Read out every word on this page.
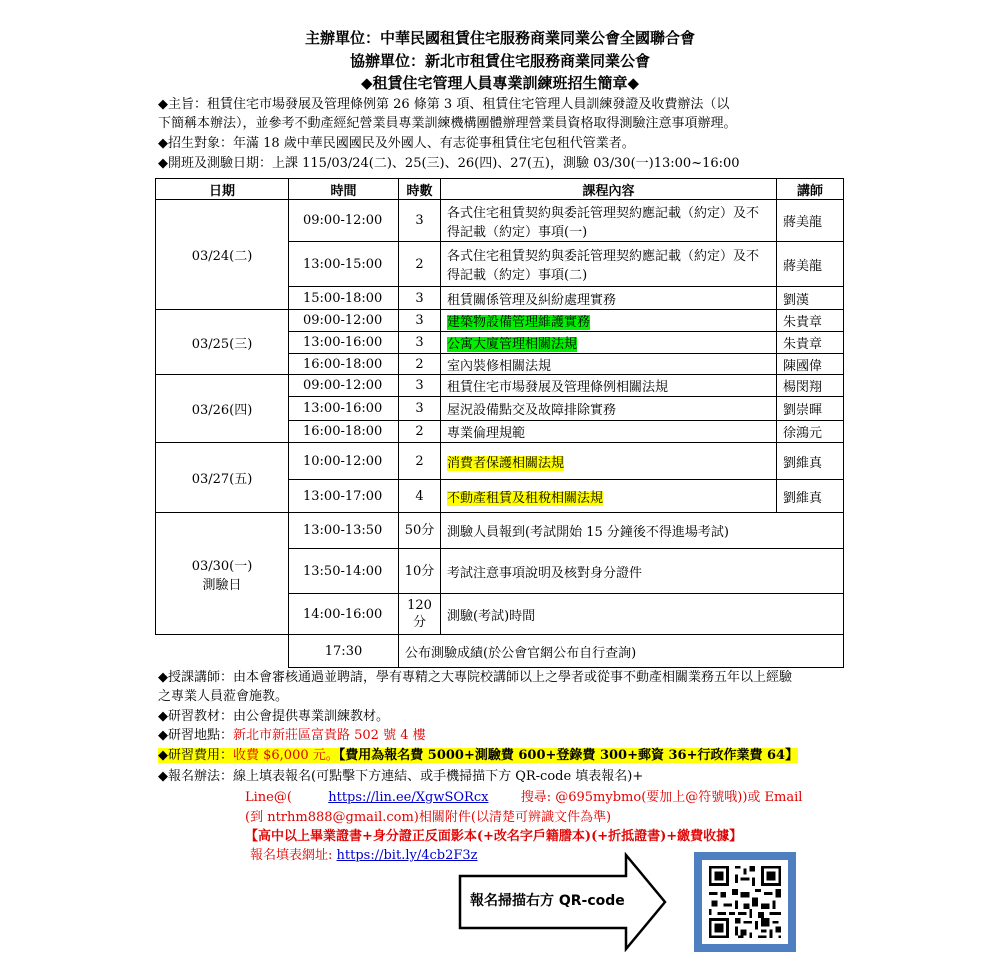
主辦單位：中華民國租賃住宅服務商業同業公會全國聯合會
協辦單位：新北市租賃住宅服務商業同業公會
◆租賃住宅管理人員專業訓練班招生簡章◆
◆主旨：租賃住宅市場發展及管理條例第 26 條第 3 項、租賃住宅管理人員訓練發證及收費辦法（以
下簡稱本辦法），並參考不動產經紀營業員專業訓練機構團體辦理營業員資格取得測驗注意事項辦理。
◆招生對象：年滿 18 歲中華民國國民及外國人、有志從事租賃住宅包租代管業者。
◆開班及測驗日期：上課 115/03/24(二)、25(三)、26(四)、27(五)，測驗 03/30(一)13:00~16:00
日期	時間	時數	課程內容	講師
03/24(二)	09:00-12:00	3	各式住宅租賃契約與委託管理契約應記載（約定）及不得記載（約定）事項(一)	蔣美龍
	13:00-15:00	2	各式住宅租賃契約與委託管理契約應記載（約定）及不得記載（約定）事項(二)	蔣美龍
	15:00-18:00	3	租賃關係管理及糾紛處理實務	劉漢
03/25(三)	09:00-12:00	3	建築物設備管理維護實務	朱貴章
	13:00-16:00	3	公寓大廈管理相關法規	朱貴章
	16:00-18:00	2	室內裝修相關法規	陳國偉
03/26(四)	09:00-12:00	3	租賃住宅市場發展及管理條例相關法規	楊閔翔
	13:00-16:00	3	屋況設備點交及故障排除實務	劉崇暉
	16:00-18:00	2	專業倫理規範	徐鴻元
03/27(五)	10:00-12:00	2	消費者保護相關法規	劉維真
	13:00-17:00	4	不動產租賃及租稅相關法規	劉維真

03/30(一)
測驗日	13:00-13:50	50分	測驗人員報到(考試開始 15 分鐘後不得進場考試)	
	13:50-14:00	10分	考試注意事項說明及核對身分證件	
	14:00-16:00	120分	測驗(考試)時間	
	17:30	公布測驗成績(於公會官網公布自行查詢)		
◆授課講師：由本會審核通過並聘請，學有專精之大專院校講師以上之學者或從事不動產相關業務五年以上經驗
之專業人員蒞會施教。
◆研習教材：由公會提供專業訓練教材。
◆研習地點：新北市新莊區富貴路 502 號 4 樓
◆研習費用：收費 $6,000 元。【費用為報名費 5000+測驗費 600+登錄費 300+郵資 36+行政作業費 64】
◆報名辦法：線上填表報名(可點擊下方連結、或手機掃描下方 QR-code 填表報名)+
Line@(	https://lin.ee/XgwSORcx 搜尋: @695mybmo(要加上@符號哦))或 Email
(到 ntrhm888@gmail.com)相關附件(以清楚可辨識文件為準)
【高中以上畢業證書+身分證正反面影本(+改名字戶籍謄本)(+折抵證書)+繳費收據】
報名填表網址: https://bit.ly/4cb2F3z
報名掃描右方 QR-code
